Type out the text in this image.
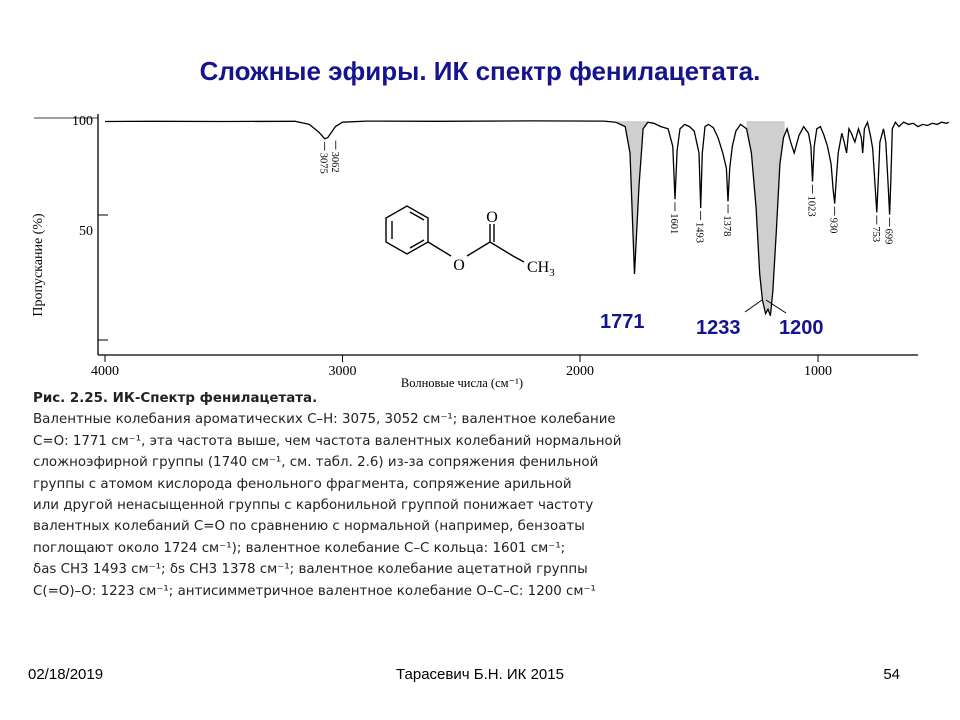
Сложные эфиры. ИК спектр фенилацетата.
100
50
4000	3000	2000	1000
3075 3062
1601 1493 1378
1023
930
753 699
Пропускание (%)
Волновые числа (см⁻¹)
O
O
$CH_3$
1771	1233 1200
Рис. 2.25. ИК-Спектр фенилацетата.
Валентные колебания ароматических С–Н: 3075, 3052 см⁻¹; валентное колебание
С=О: 1771 см⁻¹, эта частота выше, чем частота валентных колебаний нормальной
сложноэфирной группы (1740 см⁻¹, см. табл. 2.6) из-за сопряжения фенильной
группы с атомом кислорода фенольного фрагмента, сопряжение арильной
или другой ненасыщенной группы с карбонильной группой понижает частоту
валентных колебаний С=О по сравнению с нормальной (например, бензоаты
поглощают около 1724 см⁻¹); валентное колебание С–С кольца: 1601 см⁻¹;
δas СН3 1493 см⁻¹; δs СН3 1378 см⁻¹; валентное колебание ацетатной группы
С(=О)–О: 1223 см⁻¹; антисимметричное валентное колебание О–С–С: 1200 см⁻¹
02/18/2019	Тарасевич Б.Н. ИК 2015	54
